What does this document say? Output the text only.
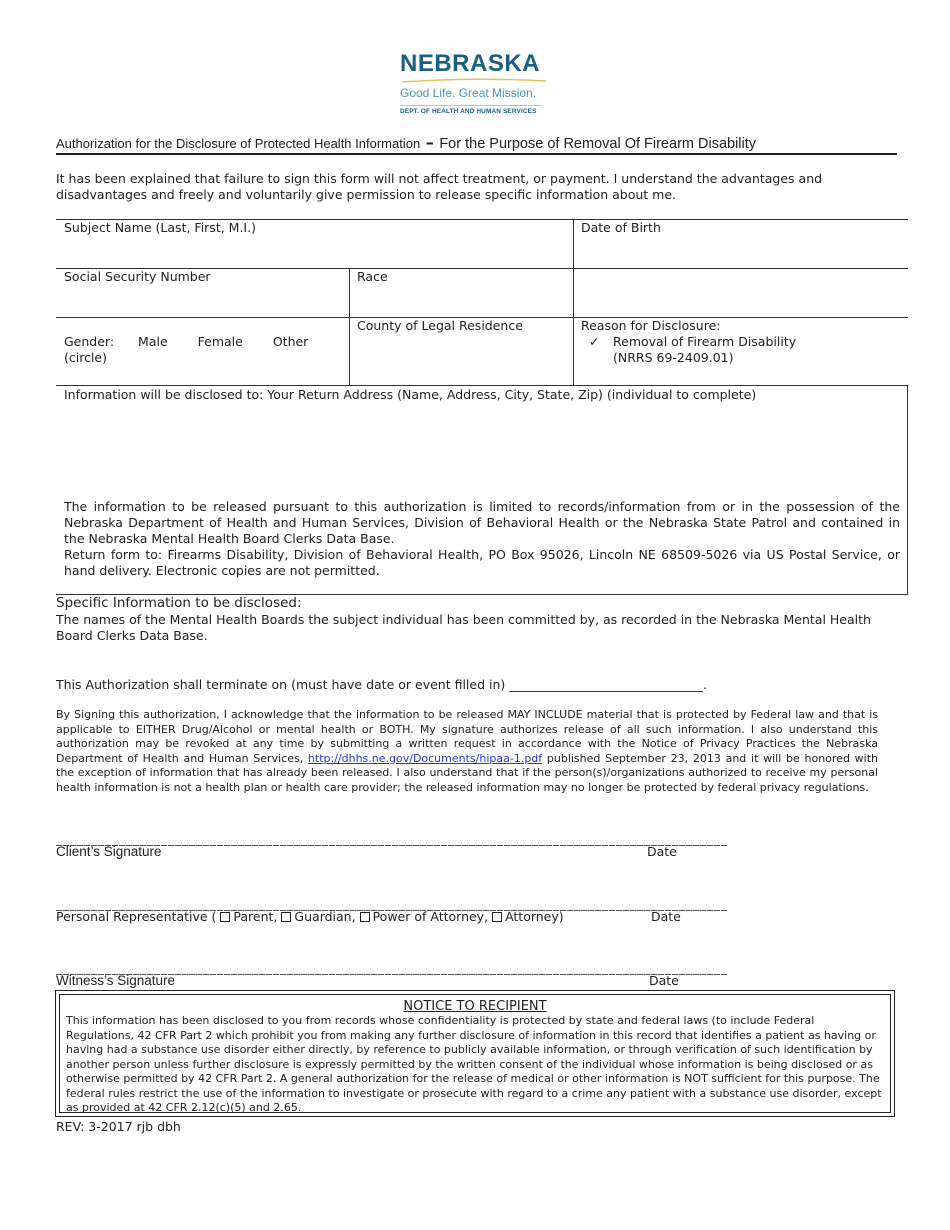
NEBRASKA
Good Life. Great Mission.
DEPT. OF HEALTH AND HUMAN SERVICES
Authorization for the Disclosure of Protected Health Information – For the Purpose of Removal Of Firearm Disability
It has been explained that failure to sign this form will not affect treatment, or payment. I understand the advantages and disadvantages and freely and voluntarily give permission to release specific information about me.
Subject Name (Last, First, M.I.)	Date of Birth
Social Security Number	Race
Gender: Male Female Other
(circle)
County of Legal Residence	Reason for Disclosure:
✓ Removal of Firearm Disability
(NRRS 69-2409.01)
Information will be disclosed to: Your Return Address (Name, Address, City, State, Zip) (individual to complete)
The information to be released pursuant to this authorization is limited to records/information from or in the possession of the Nebraska Department of Health and Human Services, Division of Behavioral Health or the Nebraska State Patrol and contained in the Nebraska Mental Health Board Clerks Data Base.
Return form to: Firearms Disability, Division of Behavioral Health, PO Box 95026, Lincoln NE 68509-5026 via US Postal Service, or hand delivery. Electronic copies are not permitted.
Specific Information to be disclosed:
The names of the Mental Health Boards the subject individual has been committed by, as recorded in the Nebraska Mental Health Board Clerks Data Base.
This Authorization shall terminate on (must have date or event filled in) _______________________________.
By Signing this authorization, I acknowledge that the information to be released MAY INCLUDE material that is protected by Federal law and that is applicable to EITHER Drug/Alcohol or mental health or BOTH. My signature authorizes release of all such information. I also understand this authorization may be revoked at any time by submitting a written request in accordance with the Notice of Privacy Practices the Nebraska Department of Health and Human Services, http://dhhs.ne.gov/Documents/hipaa-1.pdf published September 23, 2013 and it will be honored with the exception of information that has already been released. I also understand that if the person(s)/organizations authorized to receive my personal health information is not a health plan or health care provider; the released information may no longer be protected by federal privacy regulations.
________________________________________________________________________________________________
Client’s Signature	Date
________________________________________________________________________________________________
Personal Representative ( Parent, Guardian, Power of Attorney, Attorney)	Date
________________________________________________________________________________________________
Witness’s Signature	Date
NOTICE TO RECIPIENT
This information has been disclosed to you from records whose confidentiality is protected by state and federal laws (to include Federal Regulations, 42 CFR Part 2 which prohibit you from making any further disclosure of information in this record that identifies a patient as having or having had a substance use disorder either directly, by reference to publicly available information, or through verification of such identification by another person unless further disclosure is expressly permitted by the written consent of the individual whose information is being disclosed or as otherwise permitted by 42 CFR Part 2. A general authorization for the release of medical or other information is NOT sufficient for this purpose. The federal rules restrict the use of the information to investigate or prosecute with regard to a crime any patient with a substance use disorder, except as provided at 42 CFR 2.12(c)(5) and 2.65.
REV: 3-2017 rjb dbh
